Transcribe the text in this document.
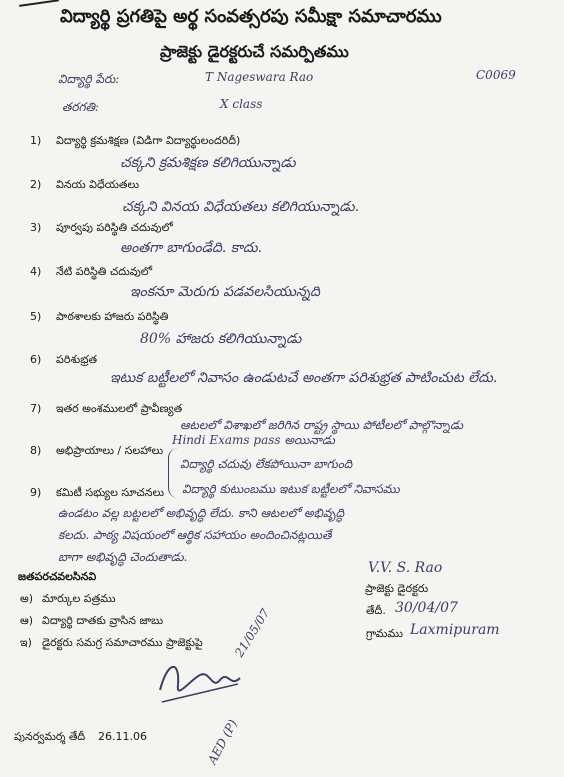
విద్యార్థి ప్రగతిపై అర్థ సంవత్సరపు సమీక్షా సమాచారము
ప్రాజెక్టు డైరక్టరుచే సమర్పితము
C0069
విద్యార్థి పేరు:	T Nageswara Rao
తరగతి:	X class
1) విద్యార్థి క్రమశిక్షణ (విడిగా విద్యార్థులందరిదీ)
చక్కని క్రమశిక్షణ కలిగియున్నాడు
2) వినయ విధేయతలు
చక్కని వినయ విధేయతలు కలిగియున్నాడు.
3) పూర్వపు పరిస్థితి చదువులో
అంతగా బాగుండేది. కాదు.
4) నేటి పరిస్థితి చదువులో
ఇంకనూ మెరుగు పడవలసియున్నది
5) పాఠశాలకు హాజరు పరిస్థితి
80% హాజరు కలిగియున్నాడు
6) పరిశుభ్రత
ఇటుక బట్టీలలో నివాసం ఉండుటచే అంతగా పరిశుభ్రత పాటించుట లేదు.
7) ఇతర అంశములలో ప్రావీణ్యత
ఆటలలో విశాఖలో జరిగిన రాష్ట్ర స్థాయి పోటీలలో పాల్గొన్నాడు
8) అభిప్రాయాలు / సలహాలు
Hindi Exams pass అయినాడు
9) కమిటీ సభ్యుల సూచనలు
విద్యార్థి చదువు లేకపోయినా బాగుంది
విద్యార్థి కుటుంబము ఇటుక బట్టీలలో నివాసము
ఉండటం వల్ల బట్టలలో అభివృద్ధి లేదు. కాని ఆటలలో అభివృద్ధి
కలదు. పాఠ్య విషయంలో ఆర్థిక సహాయం అందించినట్లయితే
బాగా అభివృద్ధి చెందుతాడు.
V.V. S. Rao
ప్రాజెక్టు డైరక్టరు
తేదీ. 30/04/07
గ్రామము Laxmipuram
జతపరచవలసినవి
అ) మార్కుల పత్రము
ఆ) విద్యార్థి దాతకు వ్రాసిన జాబు
ఇ) డైరక్టరు సమగ్ర సమాచారము ప్రాజెక్టుపై 21/05/07
AED (P)
పునర్వమర్శ తేదీ 26.11.06
